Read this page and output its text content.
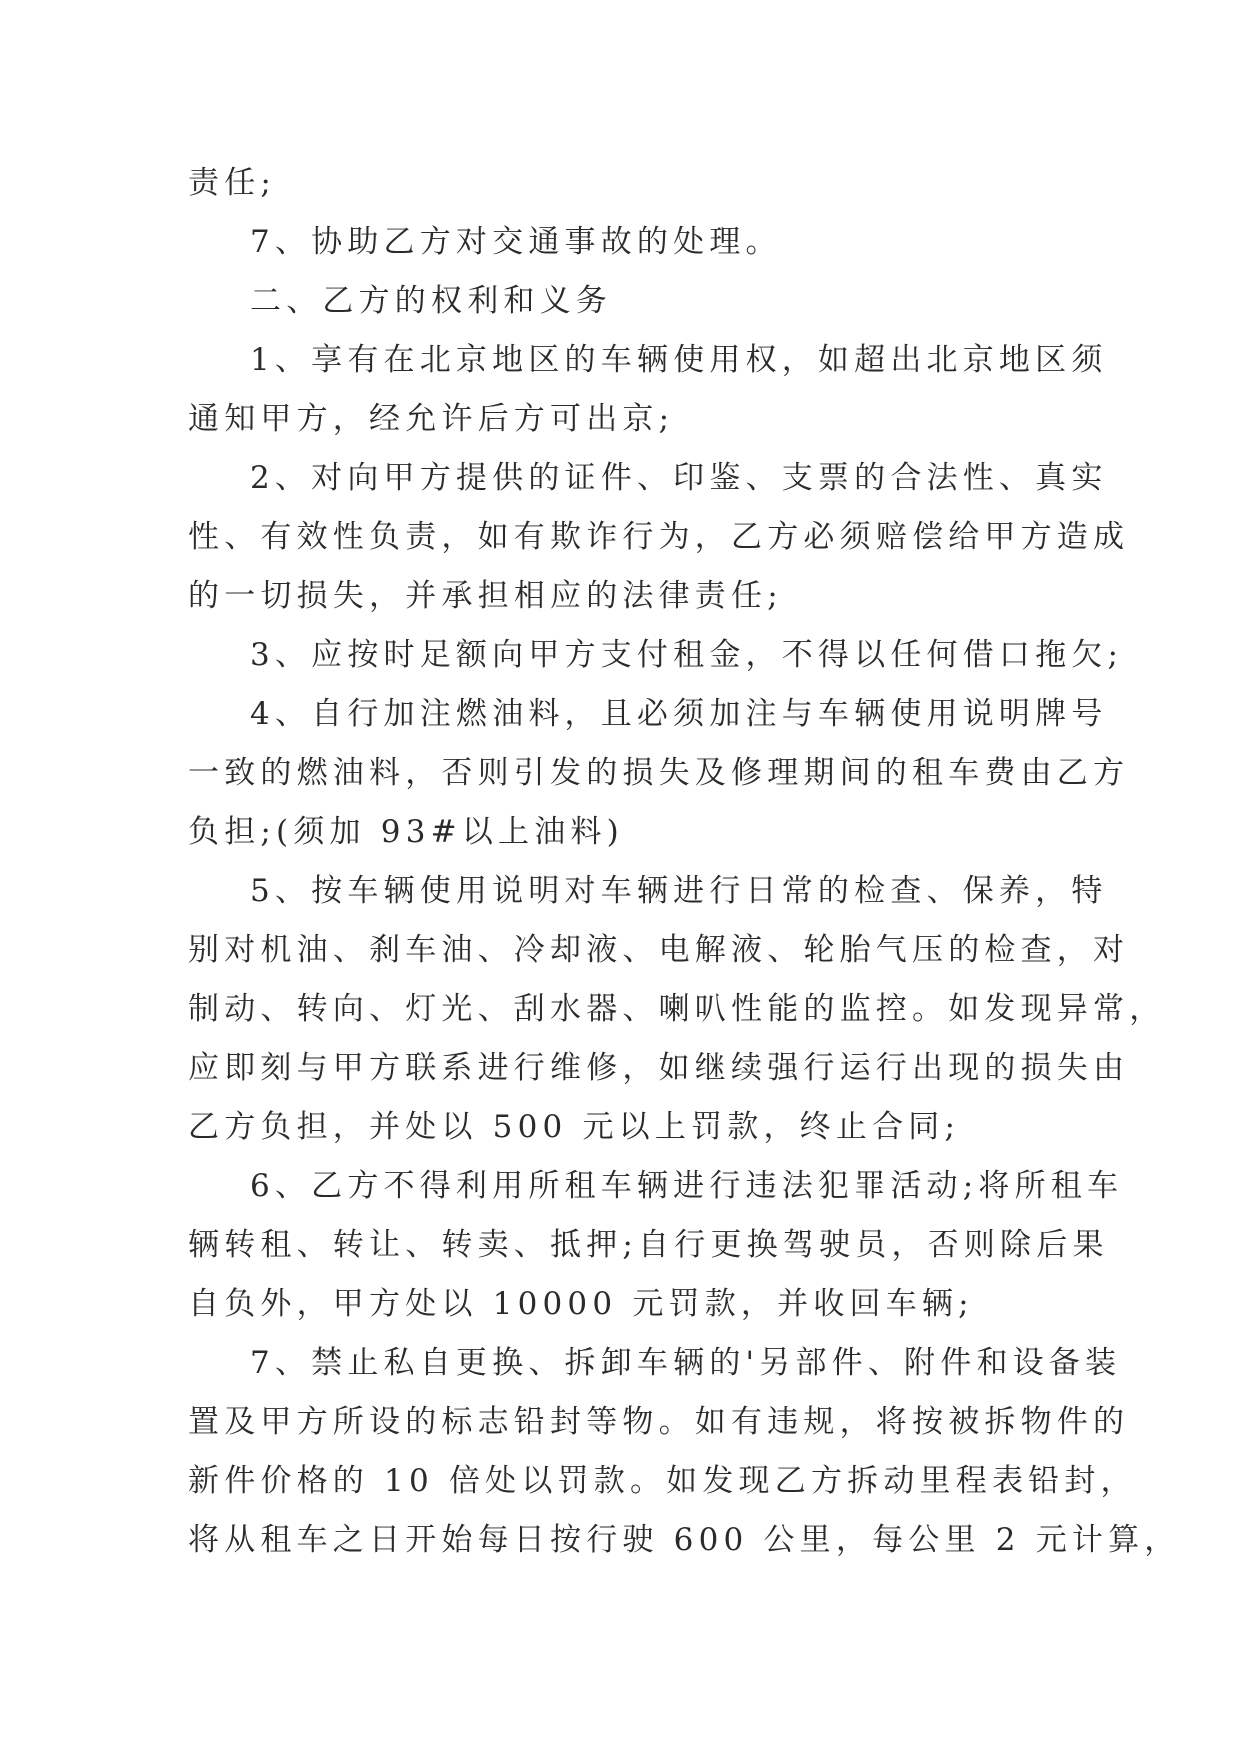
责任;
7、协助乙方对交通事故的处理。
二、乙方的权利和义务
1、享有在北京地区的车辆使用权，如超出北京地区须
通知甲方，经允许后方可出京;
2、对向甲方提供的证件、印鉴、支票的合法性、真实
性、有效性负责，如有欺诈行为，乙方必须赔偿给甲方造成
的一切损失，并承担相应的法律责任;
3、应按时足额向甲方支付租金，不得以任何借口拖欠;
4、自行加注燃油料，且必须加注与车辆使用说明牌号
一致的燃油料，否则引发的损失及修理期间的租车费由乙方
负担;(须加 93#以上油料)
5、按车辆使用说明对车辆进行日常的检查、保养，特
别对机油、刹车油、冷却液、电解液、轮胎气压的检查，对
制动、转向、灯光、刮水器、喇叭性能的监控。如发现异常，
应即刻与甲方联系进行维修，如继续强行运行出现的损失由
乙方负担，并处以 500 元以上罚款，终止合同;
6、乙方不得利用所租车辆进行违法犯罪活动;将所租车
辆转租、转让、转卖、抵押;自行更换驾驶员，否则除后果
自负外，甲方处以 10000 元罚款，并收回车辆;
7、禁止私自更换、拆卸车辆的'另部件、附件和设备装
置及甲方所设的标志铅封等物。如有违规，将按被拆物件的
新件价格的 10 倍处以罚款。如发现乙方拆动里程表铅封，
将从租车之日开始每日按行驶 600 公里，每公里 2 元计算，
